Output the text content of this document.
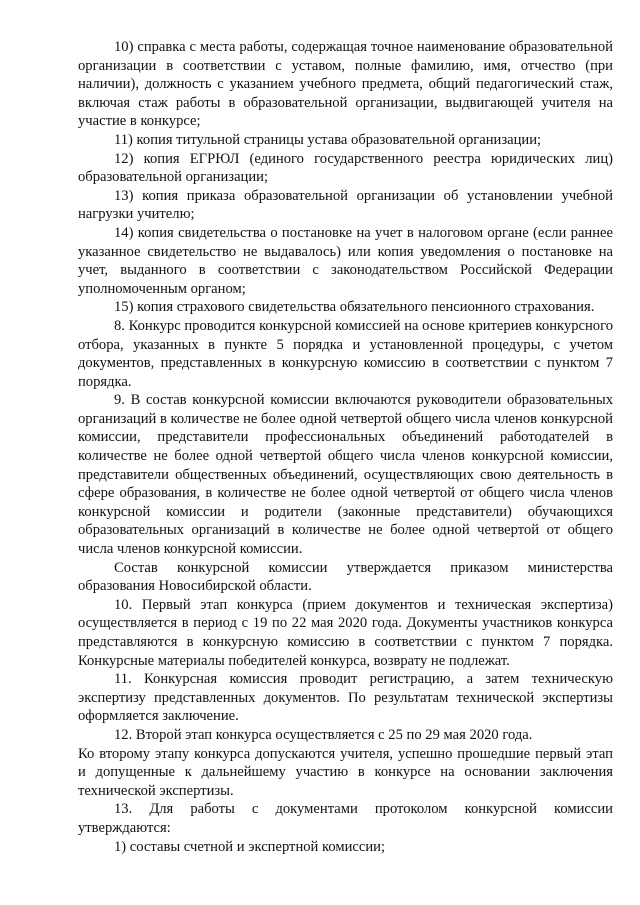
10) справка с места работы, содержащая точное наименование образовательной организации в соответствии с уставом, полные фамилию, имя, отчество (при наличии), должность с указанием учебного предмета, общий педагогический стаж, включая стаж работы в образовательной организации, выдвигающей учителя на участие в конкурсе;

11) копия титульной страницы устава образовательной организации;

12) копия ЕГРЮЛ (единого государственного реестра юридических лиц) образовательной организации;

13) копия приказа образовательной организации об установлении учебной нагрузки учителю;

14) копия свидетельства о постановке на учет в налоговом органе (если раннее указанное свидетельство не выдавалось) или копия уведомления о постановке на учет, выданного в соответствии с законодательством Российской Федерации уполномоченным органом;

15) копия страхового свидетельства обязательного пенсионного страхования.

8. Конкурс проводится конкурсной комиссией на основе критериев конкурсного отбора, указанных в пункте 5 порядка и установленной процедуры, с учетом документов, представленных в конкурсную комиссию в соответствии с пунктом 7 порядка.

9. В состав конкурсной комиссии включаются руководители образовательных организаций в количестве не более одной четвертой общего числа членов конкурсной комиссии, представители профессиональных объединений работодателей в количестве не более одной четвертой общего числа членов конкурсной комиссии, представители общественных объединений, осуществляющих свою деятельность в сфере образования, в количестве не более одной четвертой от общего числа членов конкурсной комиссии и родители (законные представители) обучающихся образовательных организаций в количестве не более одной четвертой от общего числа членов конкурсной комиссии.

Состав конкурсной комиссии утверждается приказом министерства образования Новосибирской области.

10. Первый этап конкурса (прием документов и техническая экспертиза) осуществляется в период с 19 по 22 мая 2020 года. Документы участников конкурса представляются в конкурсную комиссию в соответствии с пунктом 7 порядка. Конкурсные материалы победителей конкурса, возврату не подлежат.

11. Конкурсная комиссия проводит регистрацию, а затем техническую экспертизу представленных документов. По результатам технической экспертизы оформляется заключение.

12. Второй этап конкурса осуществляется с 25 по 29 мая 2020 года.

Ко второму этапу конкурса допускаются учителя, успешно прошедшие первый этап и допущенные к дальнейшему участию в конкурсе на основании заключения технической экспертизы.

13. Для работы с документами протоколом конкурсной комиссии утверждаются:

1) составы счетной и экспертной комиссии;
